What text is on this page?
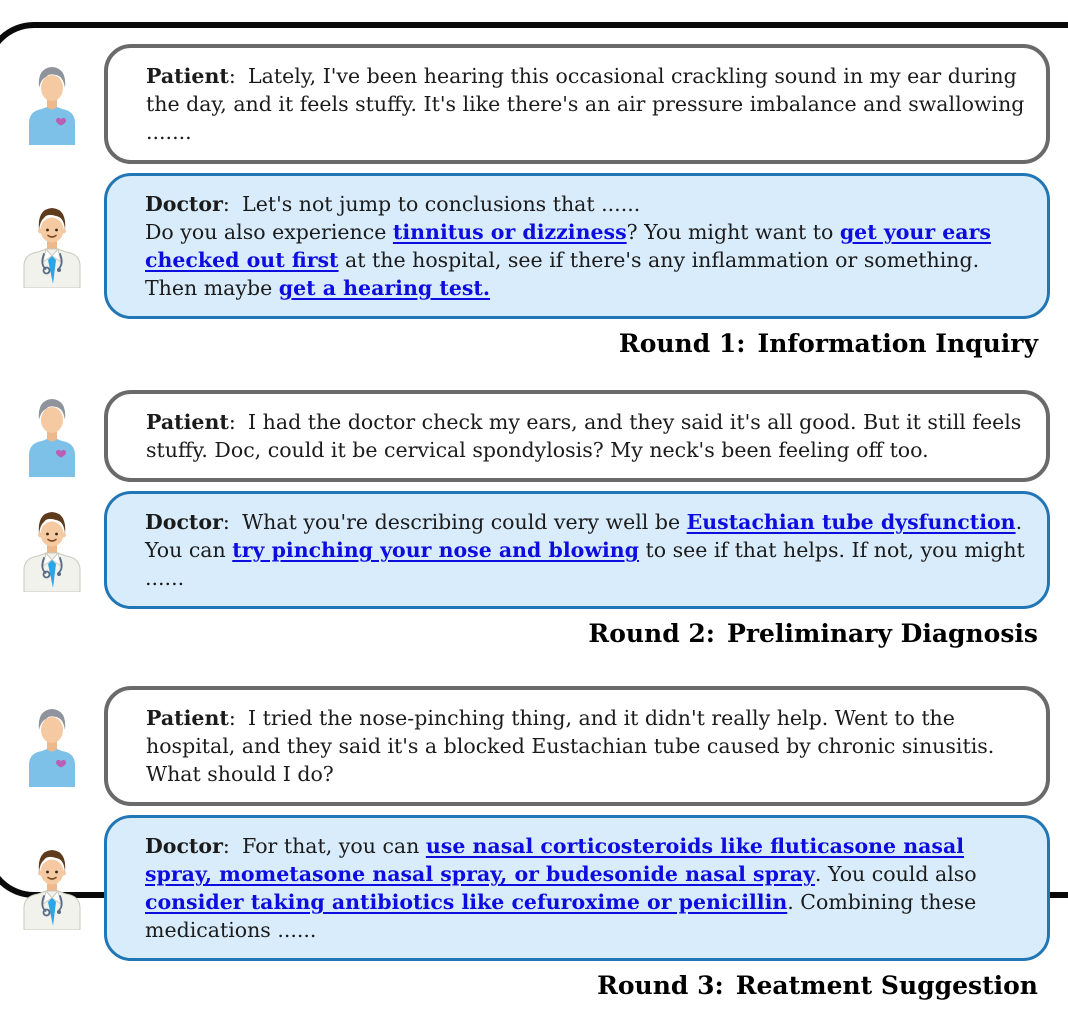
Patient: Lately, I've been hearing this occasional crackling sound in my ear during the day, and it feels stuffy. It's like there's an air pressure imbalance and swallowing .......
Doctor: Let's not jump to conclusions that ......
Do you also experience tinnitus or dizziness? You might want to get your ears checked out first at the hospital, see if there's any inflammation or something. Then maybe get a hearing test.
Round 1: Information Inquiry
Patient: I had the doctor check my ears, and they said it's all good. But it still feels stuffy. Doc, could it be cervical spondylosis? My neck's been feeling off too.
Doctor: What you're describing could very well be Eustachian tube dysfunction. You can try pinching your nose and blowing to see if that helps. If not, you might ......
Round 2: Preliminary Diagnosis
Patient: I tried the nose-pinching thing, and it didn't really help. Went to the hospital, and they said it's a blocked Eustachian tube caused by chronic sinusitis. What should I do?
Doctor: For that, you can use nasal corticosteroids like fluticasone nasal spray, mometasone nasal spray, or budesonide nasal spray. You could also consider taking antibiotics like cefuroxime or penicillin. Combining these medications ......
Round 3: Reatment Suggestion
